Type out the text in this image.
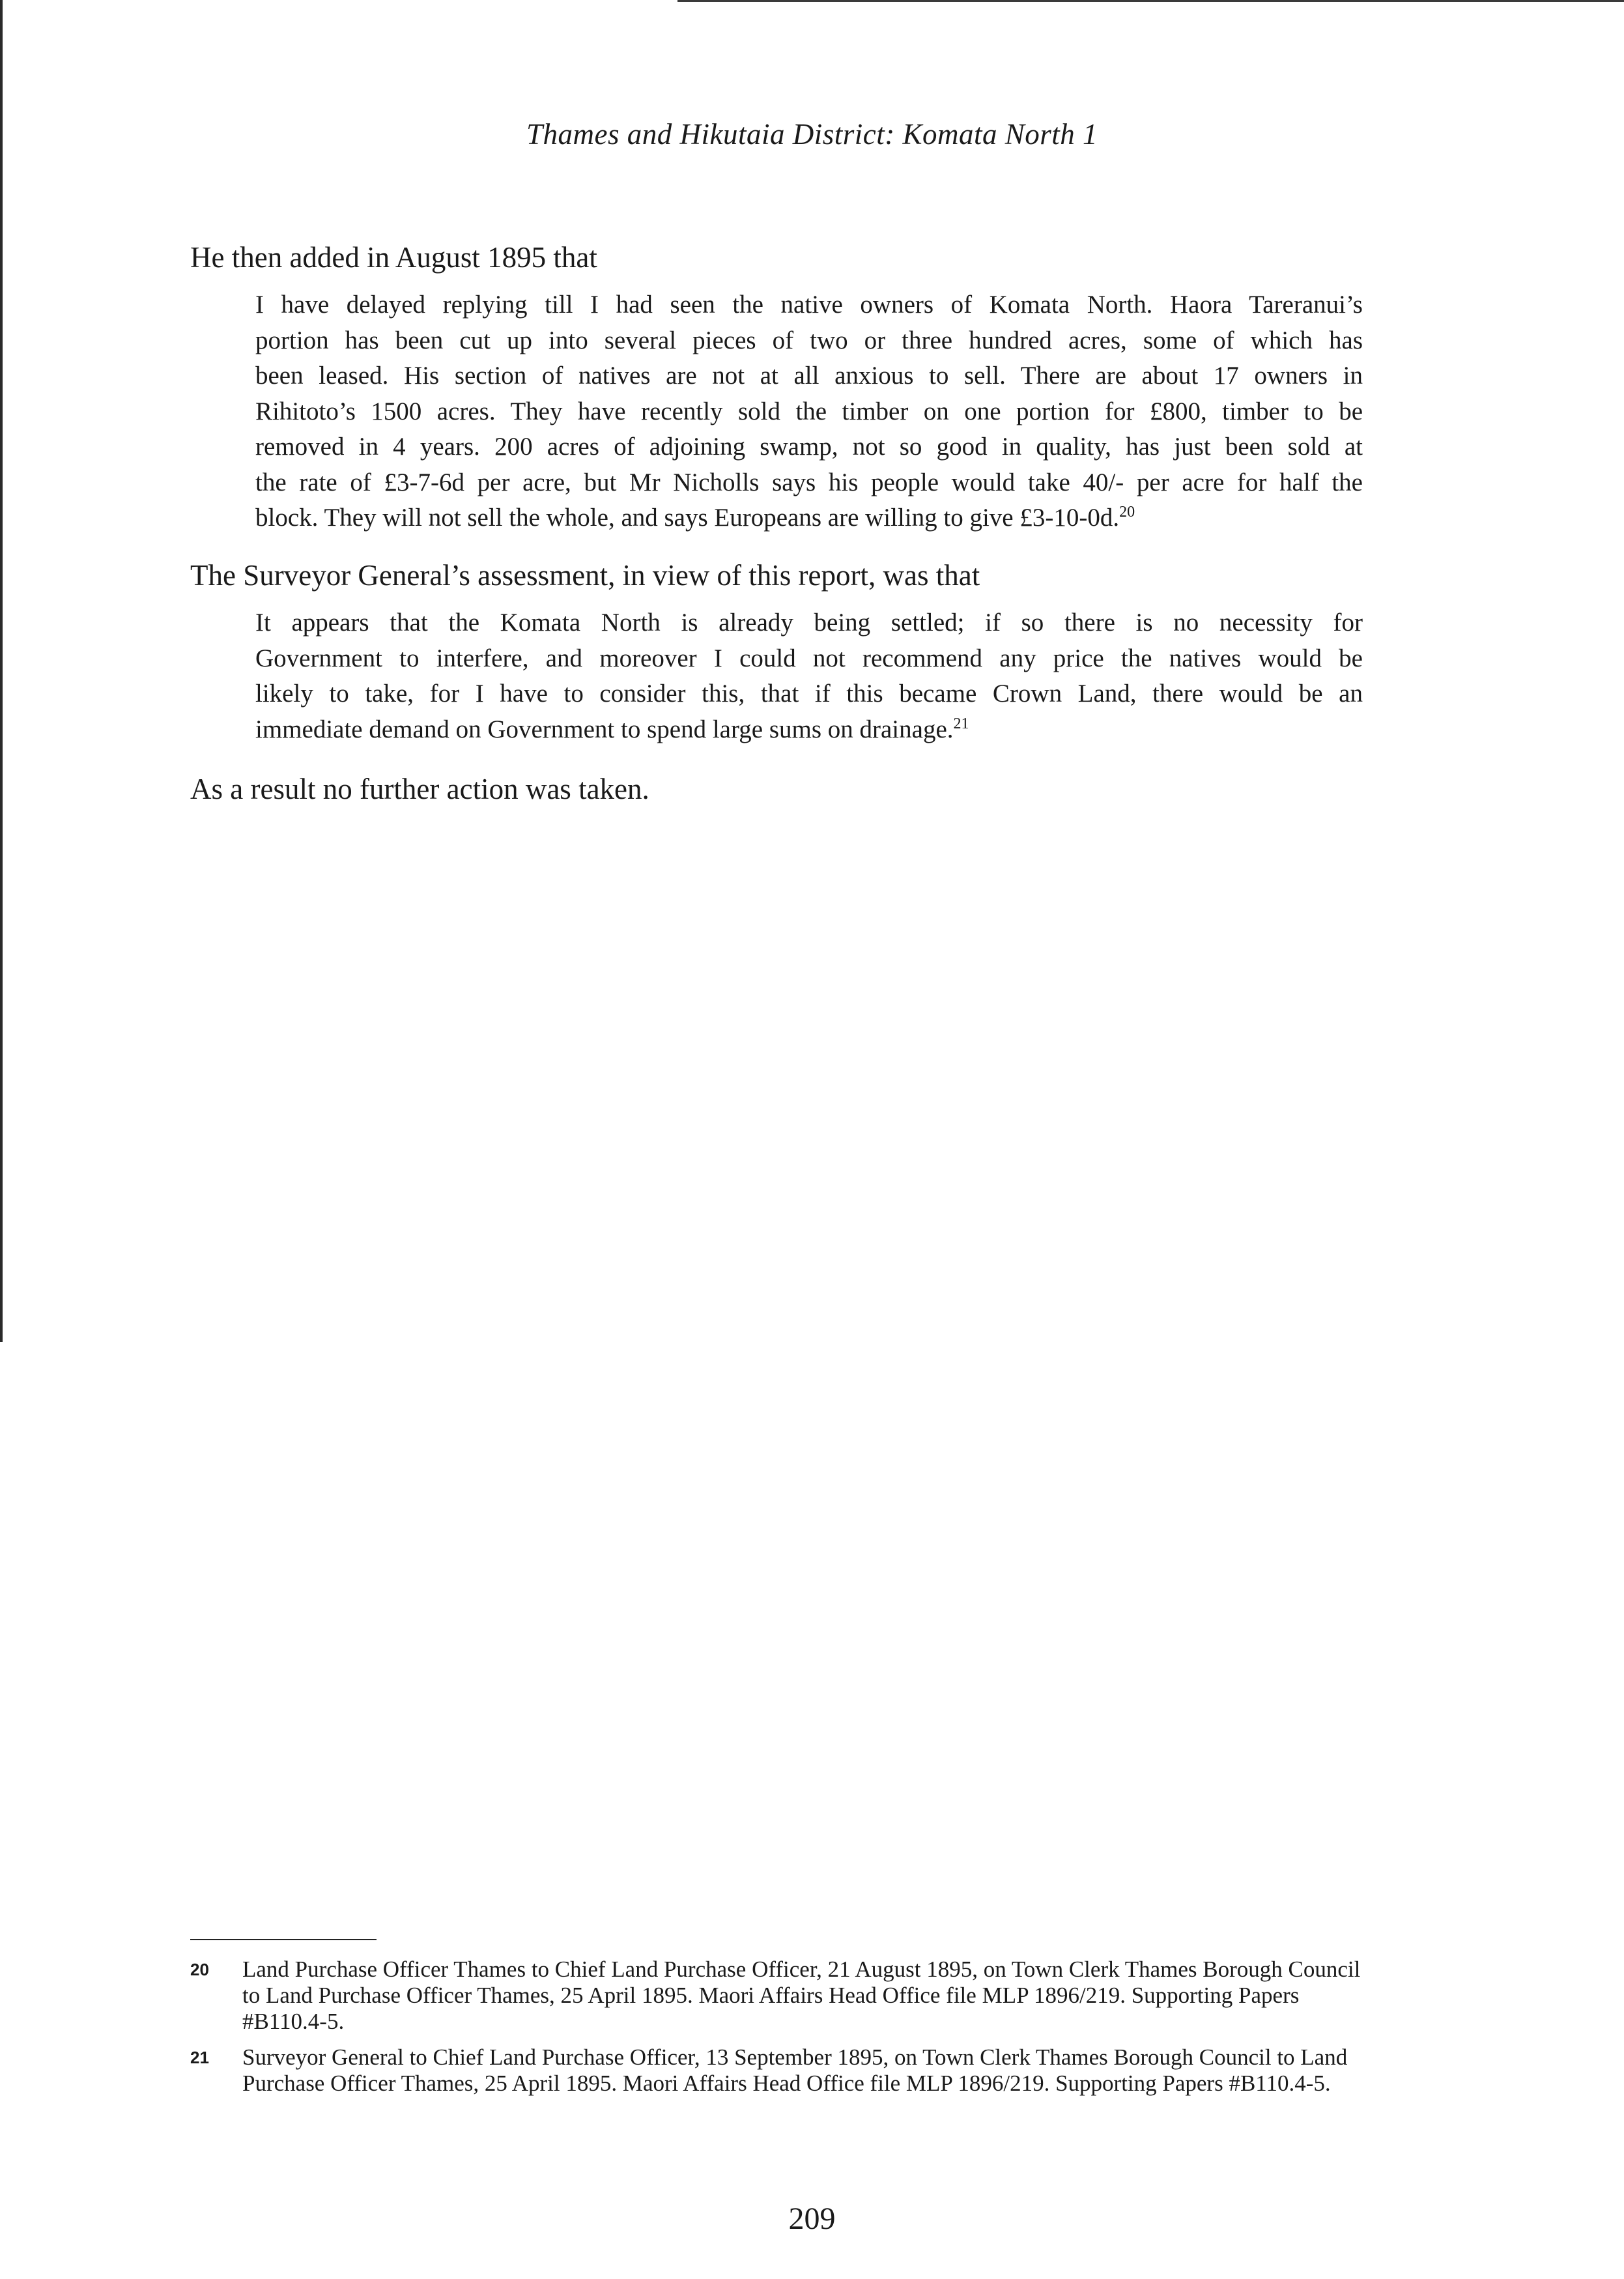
Thames and Hikutaia District: Komata North 1
He then added in August 1895 that
I have delayed replying till I had seen the native owners of Komata North. Haora Tareranui’s
portion has been cut up into several pieces of two or three hundred acres, some of which has
been leased. His section of natives are not at all anxious to sell. There are about 17 owners in
Rihitoto’s 1500 acres. They have recently sold the timber on one portion for £800, timber to be
removed in 4 years. 200 acres of adjoining swamp, not so good in quality, has just been sold at
the rate of £3-7-6d per acre, but Mr Nicholls says his people would take 40/- per acre for half the
block. They will not sell the whole, and says Europeans are willing to give £3-10-0d.$^{20}$
The Surveyor General’s assessment, in view of this report, was that
It appears that the Komata North is already being settled; if so there is no necessity for
Government to interfere, and moreover I could not recommend any price the natives would be
likely to take, for I have to consider this, that if this became Crown Land, there would be an
immediate demand on Government to spend large sums on drainage.$^{21}$
As a result no further action was taken.
20 Land Purchase Officer Thames to Chief Land Purchase Officer, 21 August 1895, on Town Clerk Thames Borough Council to Land Purchase Officer Thames, 25 April 1895. Maori Affairs Head Office file MLP 1896/219. Supporting Papers #B110.4-5.
21 Surveyor General to Chief Land Purchase Officer, 13 September 1895, on Town Clerk Thames Borough Council to Land Purchase Officer Thames, 25 April 1895. Maori Affairs Head Office file MLP 1896/219. Supporting Papers #B110.4-5.
209
